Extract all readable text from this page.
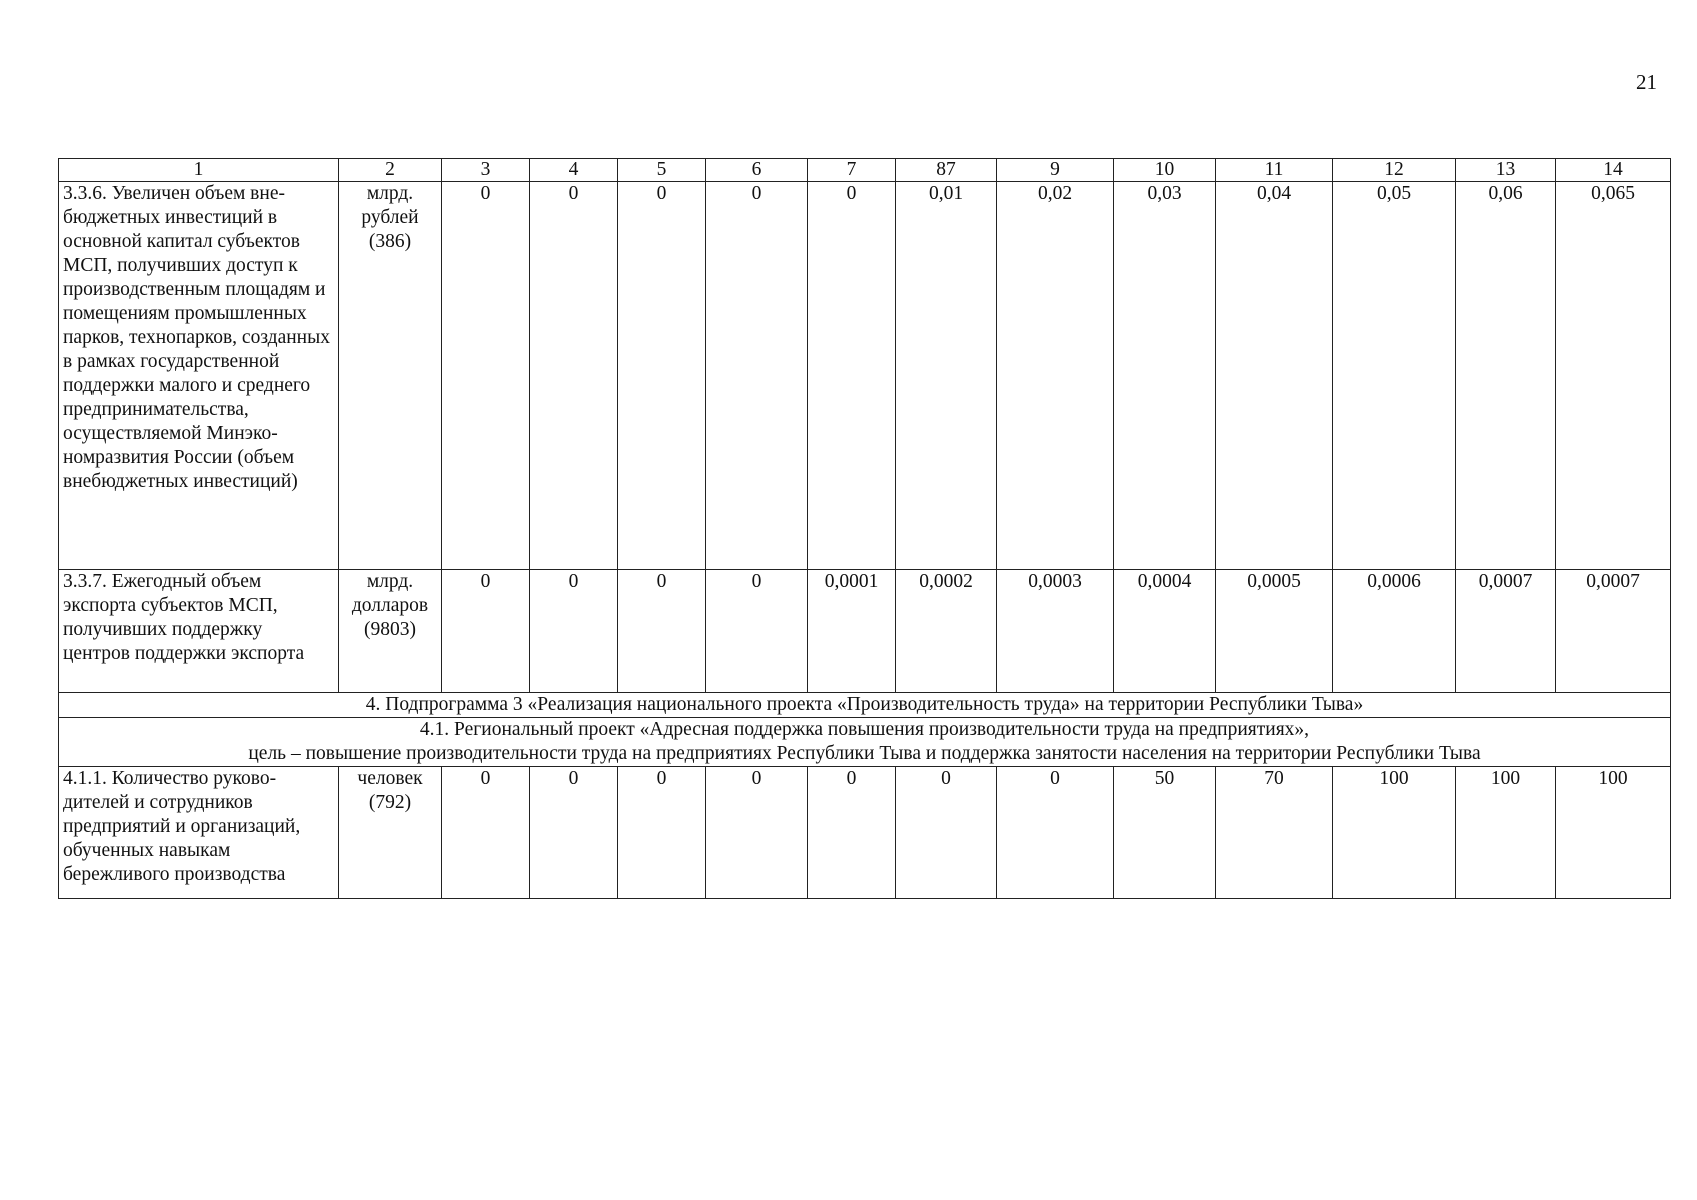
21
1	2	3	4	5	6	7	87	9	10	11	12	13	14
3.3.6. Увеличен объем внебюджетных инвестиций в основной капитал субъектов МСП, получивших доступ к производственным площадям и помещениям промышленных парков, технопарков, созданных в рамках государственной поддержки малого и среднего предпринимательства, осуществляемой Минэкономразвития России (объем внебюджетных инвестиций)	млрд. рублей (386)	0	0	0	0	0	0,01	0,02	0,03	0,04	0,05	0,06	0,065
3.3.7. Ежегодный объем экспорта субъектов МСП, получивших поддержку центров поддержки экспорта	млрд. долларов (9803)	0	0	0	0	0,0001	0,0002	0,0003	0,0004	0,0005	0,0006	0,0007	0,0007
4. Подпрограмма 3 «Реализация национального проекта «Производительность труда» на территории Республики Тыва»													

4.1. Региональный проект «Адресная поддержка повышения производительности труда на предприятиях»,
цель – повышение производительности труда на предприятиях Республики Тыва и поддержка занятости населения на территории Республики Тыва													

4.1.1. Количество руководителей и сотрудников предприятий и организаций, обученных навыкам бережливого производства	человек (792)	0	0	0	0	0	0	0	50	70	100	100	100
